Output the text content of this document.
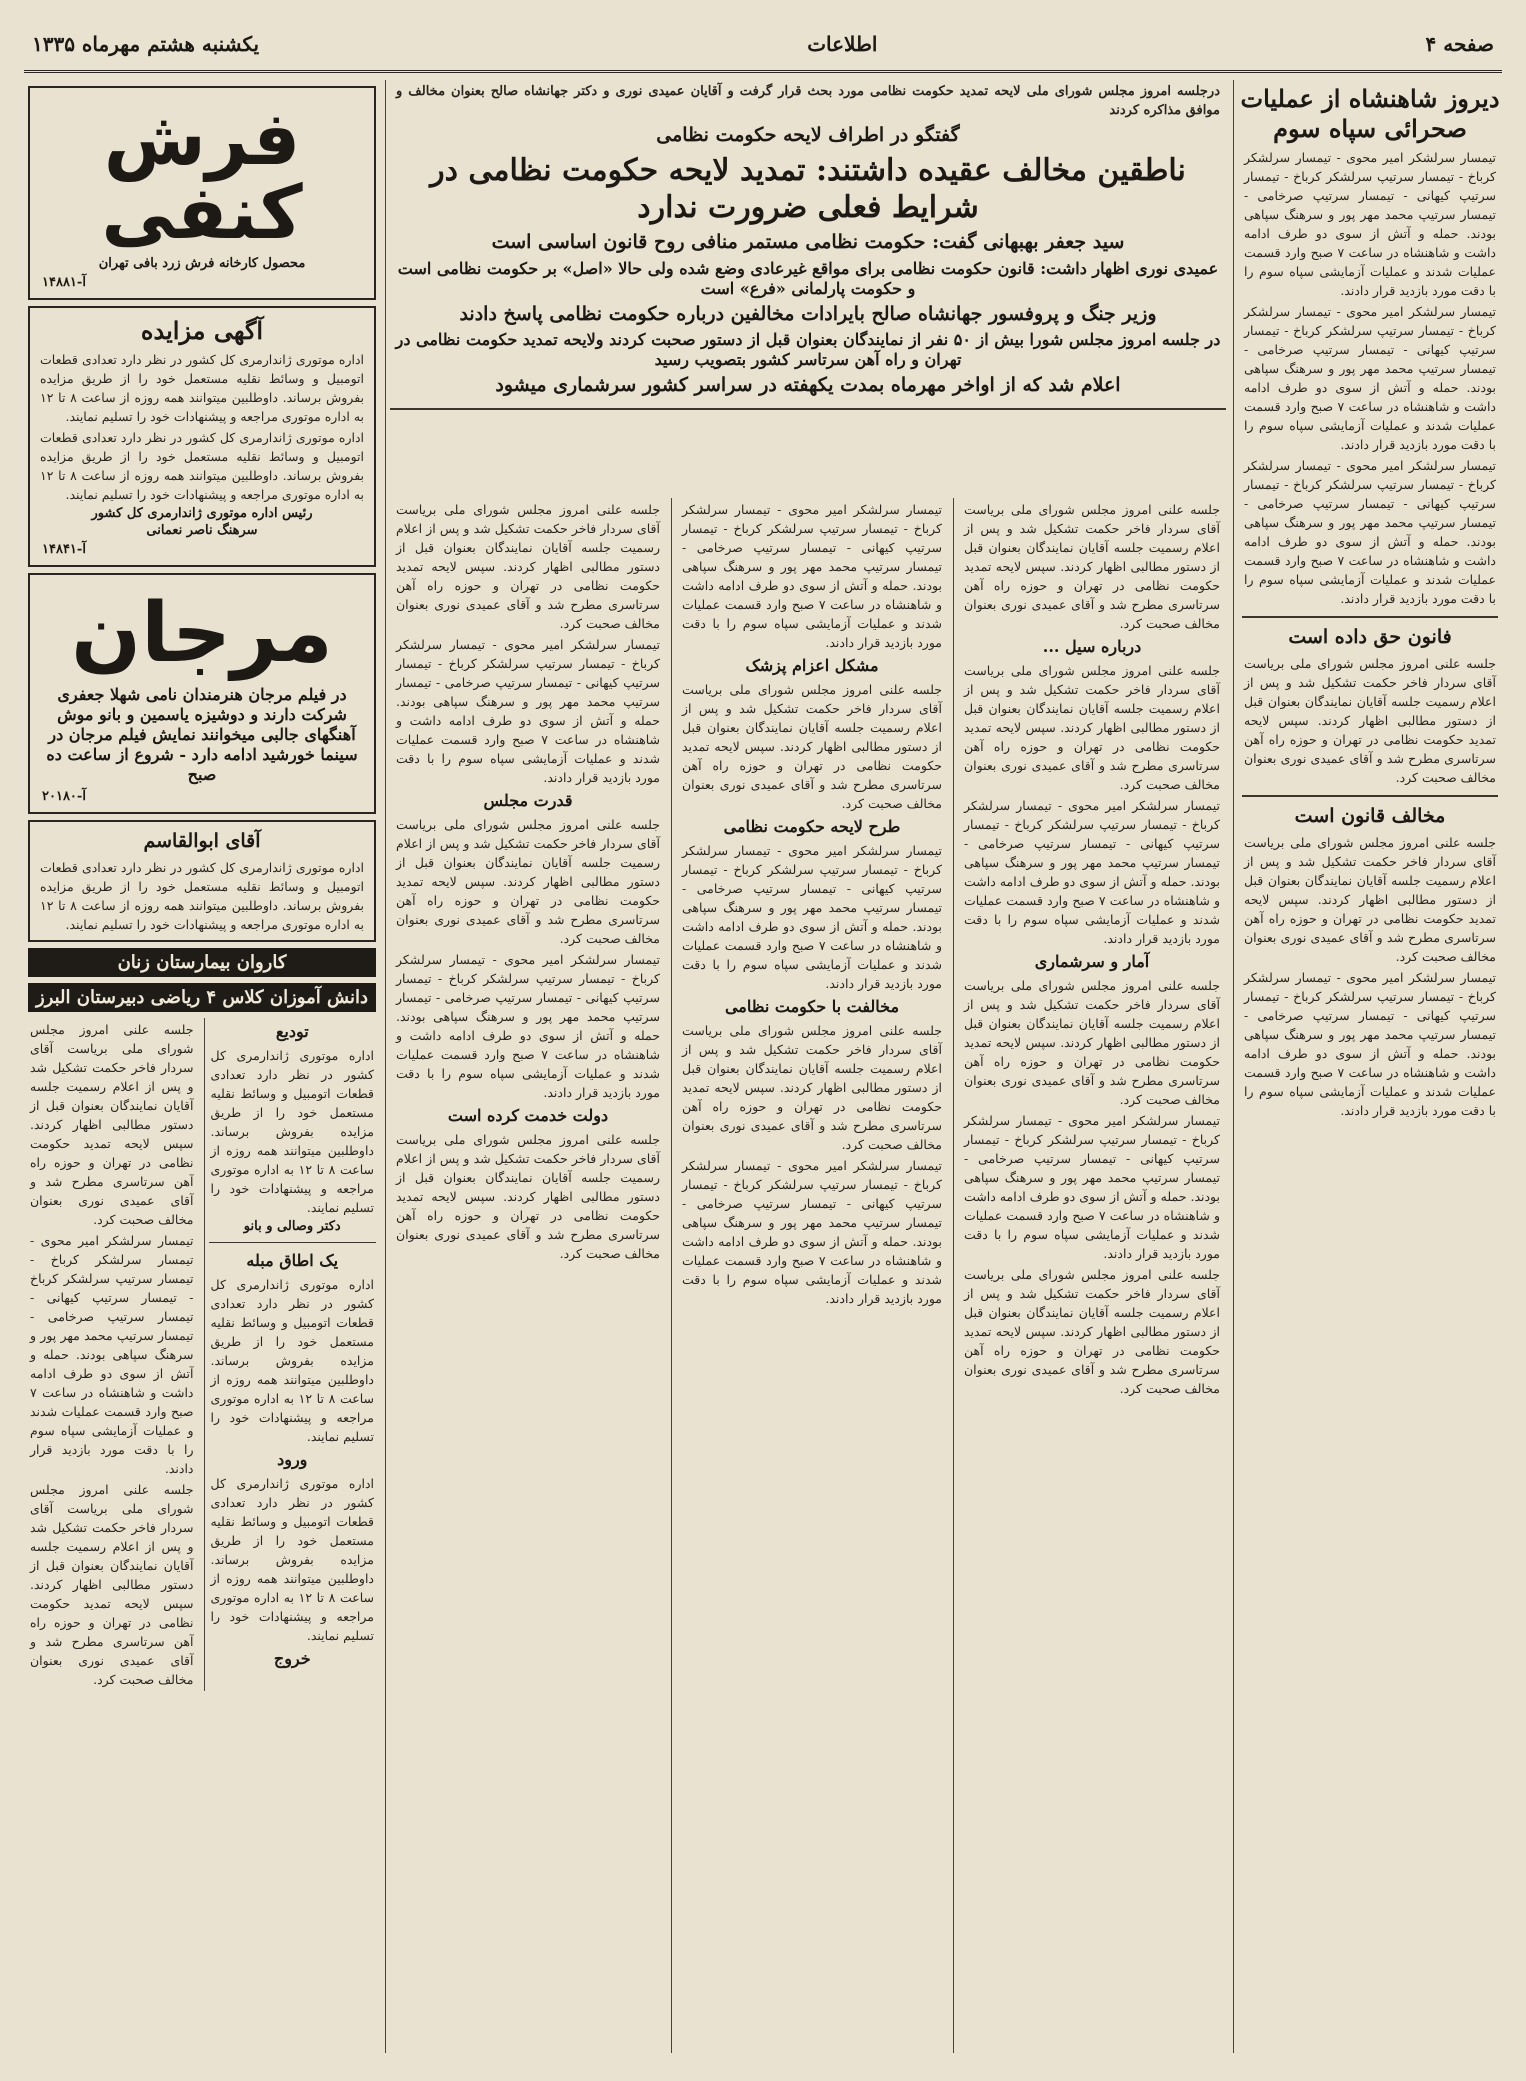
صفحه ۴
اطلاعات
یکشنبه هشتم مهرماه ۱۳۳۵
دیروز شاهنشاه از عملیات صحرائی سپاه سوم
تیمسار سرلشکر امیر محوی - تیمسار سرلشکر کرباخ - تیمسار سرتیپ سرلشکر کرباخ - تیمسار سرتیپ کیهانی - تیمسار سرتیپ صرخامی - تیمسار سرتیپ محمد مهر پور و سرهنگ سپاهی بودند. حمله و آتش از سوی دو طرف ادامه داشت و شاهنشاه در ساعت ۷ صبح وارد قسمت عملیات شدند و عملیات آزمایشی سپاه سوم را با دقت مورد بازدید قرار دادند.
تیمسار سرلشکر امیر محوی - تیمسار سرلشکر کرباخ - تیمسار سرتیپ سرلشکر کرباخ - تیمسار سرتیپ کیهانی - تیمسار سرتیپ صرخامی - تیمسار سرتیپ محمد مهر پور و سرهنگ سپاهی بودند. حمله و آتش از سوی دو طرف ادامه داشت و شاهنشاه در ساعت ۷ صبح وارد قسمت عملیات شدند و عملیات آزمایشی سپاه سوم را با دقت مورد بازدید قرار دادند.
تیمسار سرلشکر امیر محوی - تیمسار سرلشکر کرباخ - تیمسار سرتیپ سرلشکر کرباخ - تیمسار سرتیپ کیهانی - تیمسار سرتیپ صرخامی - تیمسار سرتیپ محمد مهر پور و سرهنگ سپاهی بودند. حمله و آتش از سوی دو طرف ادامه داشت و شاهنشاه در ساعت ۷ صبح وارد قسمت عملیات شدند و عملیات آزمایشی سپاه سوم را با دقت مورد بازدید قرار دادند.
فانون حق داده است
جلسه علنی امروز مجلس شورای ملی بریاست آقای سردار فاخر حکمت تشکیل شد و پس از اعلام رسمیت جلسه آقایان نمایندگان بعنوان قبل از دستور مطالبی اظهار کردند. سپس لایحه تمدید حکومت نظامی در تهران و حوزه راه آهن سرتاسری مطرح شد و آقای عمیدی نوری بعنوان مخالف صحبت کرد.
مخالف قانون است
جلسه علنی امروز مجلس شورای ملی بریاست آقای سردار فاخر حکمت تشکیل شد و پس از اعلام رسمیت جلسه آقایان نمایندگان بعنوان قبل از دستور مطالبی اظهار کردند. سپس لایحه تمدید حکومت نظامی در تهران و حوزه راه آهن سرتاسری مطرح شد و آقای عمیدی نوری بعنوان مخالف صحبت کرد.
تیمسار سرلشکر امیر محوی - تیمسار سرلشکر کرباخ - تیمسار سرتیپ سرلشکر کرباخ - تیمسار سرتیپ کیهانی - تیمسار سرتیپ صرخامی - تیمسار سرتیپ محمد مهر پور و سرهنگ سپاهی بودند. حمله و آتش از سوی دو طرف ادامه داشت و شاهنشاه در ساعت ۷ صبح وارد قسمت عملیات شدند و عملیات آزمایشی سپاه سوم را با دقت مورد بازدید قرار دادند.
درجلسه امروز مجلس شورای ملی لایحه تمدید حکومت نظامی مورد بحث قرار گرفت و آقایان عمیدی نوری و دکتر جهانشاه صالح بعنوان مخالف و موافق مذاکره کردند
گفتگو در اطراف لایحه حکومت نظامی
ناطقین مخالف عقیده داشتند: تمدید لایحه حکومت نظامی در شرایط فعلی ضرورت ندارد
سید جعفر بهبهانی گفت: حکومت نظامی مستمر منافی روح قانون اساسی است
عمیدی نوری اظهار داشت: قانون حکومت نظامی برای مواقع غیرعادی وضع شده ولی حالا «اصل» بر حکومت نظامی است و حکومت پارلمانی «فرع» است
وزیر جنگ و پروفسور جهانشاه صالح بایرادات مخالفین درباره حکومت نظامی پاسخ دادند
در جلسه امروز مجلس شورا بیش از ۵۰ نفر از نمایندگان بعنوان قبل از دستور صحبت کردند ولایحه تمدید حکومت نظامی در تهران و راه آهن سرتاسر کشور بتصویب رسید
اعلام شد که از اواخر مهرماه بمدت یکهفته در سراسر کشور سرشماری میشود
جلسه علنی امروز مجلس شورای ملی بریاست آقای سردار فاخر حکمت تشکیل شد و پس از اعلام رسمیت جلسه آقایان نمایندگان بعنوان قبل از دستور مطالبی اظهار کردند. سپس لایحه تمدید حکومت نظامی در تهران و حوزه راه آهن سرتاسری مطرح شد و آقای عمیدی نوری بعنوان مخالف صحبت کرد.
درباره سیل ...
جلسه علنی امروز مجلس شورای ملی بریاست آقای سردار فاخر حکمت تشکیل شد و پس از اعلام رسمیت جلسه آقایان نمایندگان بعنوان قبل از دستور مطالبی اظهار کردند. سپس لایحه تمدید حکومت نظامی در تهران و حوزه راه آهن سرتاسری مطرح شد و آقای عمیدی نوری بعنوان مخالف صحبت کرد.
تیمسار سرلشکر امیر محوی - تیمسار سرلشکر کرباخ - تیمسار سرتیپ سرلشکر کرباخ - تیمسار سرتیپ کیهانی - تیمسار سرتیپ صرخامی - تیمسار سرتیپ محمد مهر پور و سرهنگ سپاهی بودند. حمله و آتش از سوی دو طرف ادامه داشت و شاهنشاه در ساعت ۷ صبح وارد قسمت عملیات شدند و عملیات آزمایشی سپاه سوم را با دقت مورد بازدید قرار دادند.
آمار و سرشماری
جلسه علنی امروز مجلس شورای ملی بریاست آقای سردار فاخر حکمت تشکیل شد و پس از اعلام رسمیت جلسه آقایان نمایندگان بعنوان قبل از دستور مطالبی اظهار کردند. سپس لایحه تمدید حکومت نظامی در تهران و حوزه راه آهن سرتاسری مطرح شد و آقای عمیدی نوری بعنوان مخالف صحبت کرد.
تیمسار سرلشکر امیر محوی - تیمسار سرلشکر کرباخ - تیمسار سرتیپ سرلشکر کرباخ - تیمسار سرتیپ کیهانی - تیمسار سرتیپ صرخامی - تیمسار سرتیپ محمد مهر پور و سرهنگ سپاهی بودند. حمله و آتش از سوی دو طرف ادامه داشت و شاهنشاه در ساعت ۷ صبح وارد قسمت عملیات شدند و عملیات آزمایشی سپاه سوم را با دقت مورد بازدید قرار دادند.
جلسه علنی امروز مجلس شورای ملی بریاست آقای سردار فاخر حکمت تشکیل شد و پس از اعلام رسمیت جلسه آقایان نمایندگان بعنوان قبل از دستور مطالبی اظهار کردند. سپس لایحه تمدید حکومت نظامی در تهران و حوزه راه آهن سرتاسری مطرح شد و آقای عمیدی نوری بعنوان مخالف صحبت کرد.
تیمسار سرلشکر امیر محوی - تیمسار سرلشکر کرباخ - تیمسار سرتیپ سرلشکر کرباخ - تیمسار سرتیپ کیهانی - تیمسار سرتیپ صرخامی - تیمسار سرتیپ محمد مهر پور و سرهنگ سپاهی بودند. حمله و آتش از سوی دو طرف ادامه داشت و شاهنشاه در ساعت ۷ صبح وارد قسمت عملیات شدند و عملیات آزمایشی سپاه سوم را با دقت مورد بازدید قرار دادند.
مشکل اعزام پزشک
جلسه علنی امروز مجلس شورای ملی بریاست آقای سردار فاخر حکمت تشکیل شد و پس از اعلام رسمیت جلسه آقایان نمایندگان بعنوان قبل از دستور مطالبی اظهار کردند. سپس لایحه تمدید حکومت نظامی در تهران و حوزه راه آهن سرتاسری مطرح شد و آقای عمیدی نوری بعنوان مخالف صحبت کرد.
طرح لایحه حکومت نظامی
تیمسار سرلشکر امیر محوی - تیمسار سرلشکر کرباخ - تیمسار سرتیپ سرلشکر کرباخ - تیمسار سرتیپ کیهانی - تیمسار سرتیپ صرخامی - تیمسار سرتیپ محمد مهر پور و سرهنگ سپاهی بودند. حمله و آتش از سوی دو طرف ادامه داشت و شاهنشاه در ساعت ۷ صبح وارد قسمت عملیات شدند و عملیات آزمایشی سپاه سوم را با دقت مورد بازدید قرار دادند.
مخالفت با حکومت نظامی
جلسه علنی امروز مجلس شورای ملی بریاست آقای سردار فاخر حکمت تشکیل شد و پس از اعلام رسمیت جلسه آقایان نمایندگان بعنوان قبل از دستور مطالبی اظهار کردند. سپس لایحه تمدید حکومت نظامی در تهران و حوزه راه آهن سرتاسری مطرح شد و آقای عمیدی نوری بعنوان مخالف صحبت کرد.
تیمسار سرلشکر امیر محوی - تیمسار سرلشکر کرباخ - تیمسار سرتیپ سرلشکر کرباخ - تیمسار سرتیپ کیهانی - تیمسار سرتیپ صرخامی - تیمسار سرتیپ محمد مهر پور و سرهنگ سپاهی بودند. حمله و آتش از سوی دو طرف ادامه داشت و شاهنشاه در ساعت ۷ صبح وارد قسمت عملیات شدند و عملیات آزمایشی سپاه سوم را با دقت مورد بازدید قرار دادند.
جلسه علنی امروز مجلس شورای ملی بریاست آقای سردار فاخر حکمت تشکیل شد و پس از اعلام رسمیت جلسه آقایان نمایندگان بعنوان قبل از دستور مطالبی اظهار کردند. سپس لایحه تمدید حکومت نظامی در تهران و حوزه راه آهن سرتاسری مطرح شد و آقای عمیدی نوری بعنوان مخالف صحبت کرد.
تیمسار سرلشکر امیر محوی - تیمسار سرلشکر کرباخ - تیمسار سرتیپ سرلشکر کرباخ - تیمسار سرتیپ کیهانی - تیمسار سرتیپ صرخامی - تیمسار سرتیپ محمد مهر پور و سرهنگ سپاهی بودند. حمله و آتش از سوی دو طرف ادامه داشت و شاهنشاه در ساعت ۷ صبح وارد قسمت عملیات شدند و عملیات آزمایشی سپاه سوم را با دقت مورد بازدید قرار دادند.
قدرت مجلس
جلسه علنی امروز مجلس شورای ملی بریاست آقای سردار فاخر حکمت تشکیل شد و پس از اعلام رسمیت جلسه آقایان نمایندگان بعنوان قبل از دستور مطالبی اظهار کردند. سپس لایحه تمدید حکومت نظامی در تهران و حوزه راه آهن سرتاسری مطرح شد و آقای عمیدی نوری بعنوان مخالف صحبت کرد.
تیمسار سرلشکر امیر محوی - تیمسار سرلشکر کرباخ - تیمسار سرتیپ سرلشکر کرباخ - تیمسار سرتیپ کیهانی - تیمسار سرتیپ صرخامی - تیمسار سرتیپ محمد مهر پور و سرهنگ سپاهی بودند. حمله و آتش از سوی دو طرف ادامه داشت و شاهنشاه در ساعت ۷ صبح وارد قسمت عملیات شدند و عملیات آزمایشی سپاه سوم را با دقت مورد بازدید قرار دادند.
دولت خدمت کرده است
جلسه علنی امروز مجلس شورای ملی بریاست آقای سردار فاخر حکمت تشکیل شد و پس از اعلام رسمیت جلسه آقایان نمایندگان بعنوان قبل از دستور مطالبی اظهار کردند. سپس لایحه تمدید حکومت نظامی در تهران و حوزه راه آهن سرتاسری مطرح شد و آقای عمیدی نوری بعنوان مخالف صحبت کرد.
فرش کنفی
محصول کارخانه فرش زرد بافی تهران
آ-۱۴۸۸۱
آگهی مزایده
اداره موتوری ژاندارمری کل کشور در نظر دارد تعدادی قطعات اتومبیل و وسائط نقلیه مستعمل خود را از طریق مزایده بفروش برساند. داوطلبین میتوانند همه روزه از ساعت ۸ تا ۱۲ به اداره موتوری مراجعه و پیشنهادات خود را تسلیم نمایند.
اداره موتوری ژاندارمری کل کشور در نظر دارد تعدادی قطعات اتومبیل و وسائط نقلیه مستعمل خود را از طریق مزایده بفروش برساند. داوطلبین میتوانند همه روزه از ساعت ۸ تا ۱۲ به اداره موتوری مراجعه و پیشنهادات خود را تسلیم نمایند.
رئیس اداره موتوری ژاندارمری کل کشور
سرهنگ ناصر نعمانی
آ-۱۴۸۴۱
مرجان
در فیلم مرجان هنرمندان نامی شهلا جعفری شرکت دارند و دوشیزه یاسمین و بانو موش آهنگهای جالبی میخوانند نمایش فیلم مرجان در سینما خورشید ادامه دارد - شروع از ساعت ده صبح
آ-۲۰۱۸۰
آقای ابوالقاسم
اداره موتوری ژاندارمری کل کشور در نظر دارد تعدادی قطعات اتومبیل و وسائط نقلیه مستعمل خود را از طریق مزایده بفروش برساند. داوطلبین میتوانند همه روزه از ساعت ۸ تا ۱۲ به اداره موتوری مراجعه و پیشنهادات خود را تسلیم نمایند.
کاروان بیمارستان زنان
دانش آموزان کلاس ۴ ریاضی دبیرستان البرز
تودیع
اداره موتوری ژاندارمری کل کشور در نظر دارد تعدادی قطعات اتومبیل و وسائط نقلیه مستعمل خود را از طریق مزایده بفروش برساند. داوطلبین میتوانند همه روزه از ساعت ۸ تا ۱۲ به اداره موتوری مراجعه و پیشنهادات خود را تسلیم نمایند.
دکتر وصالی و بانو
یک اطاق مبله
اداره موتوری ژاندارمری کل کشور در نظر دارد تعدادی قطعات اتومبیل و وسائط نقلیه مستعمل خود را از طریق مزایده بفروش برساند. داوطلبین میتوانند همه روزه از ساعت ۸ تا ۱۲ به اداره موتوری مراجعه و پیشنهادات خود را تسلیم نمایند.
ورود
اداره موتوری ژاندارمری کل کشور در نظر دارد تعدادی قطعات اتومبیل و وسائط نقلیه مستعمل خود را از طریق مزایده بفروش برساند. داوطلبین میتوانند همه روزه از ساعت ۸ تا ۱۲ به اداره موتوری مراجعه و پیشنهادات خود را تسلیم نمایند.
خروج
جلسه علنی امروز مجلس شورای ملی بریاست آقای سردار فاخر حکمت تشکیل شد و پس از اعلام رسمیت جلسه آقایان نمایندگان بعنوان قبل از دستور مطالبی اظهار کردند. سپس لایحه تمدید حکومت نظامی در تهران و حوزه راه آهن سرتاسری مطرح شد و آقای عمیدی نوری بعنوان مخالف صحبت کرد.
تیمسار سرلشکر امیر محوی - تیمسار سرلشکر کرباخ - تیمسار سرتیپ سرلشکر کرباخ - تیمسار سرتیپ کیهانی - تیمسار سرتیپ صرخامی - تیمسار سرتیپ محمد مهر پور و سرهنگ سپاهی بودند. حمله و آتش از سوی دو طرف ادامه داشت و شاهنشاه در ساعت ۷ صبح وارد قسمت عملیات شدند و عملیات آزمایشی سپاه سوم را با دقت مورد بازدید قرار دادند.
جلسه علنی امروز مجلس شورای ملی بریاست آقای سردار فاخر حکمت تشکیل شد و پس از اعلام رسمیت جلسه آقایان نمایندگان بعنوان قبل از دستور مطالبی اظهار کردند. سپس لایحه تمدید حکومت نظامی در تهران و حوزه راه آهن سرتاسری مطرح شد و آقای عمیدی نوری بعنوان مخالف صحبت کرد.
